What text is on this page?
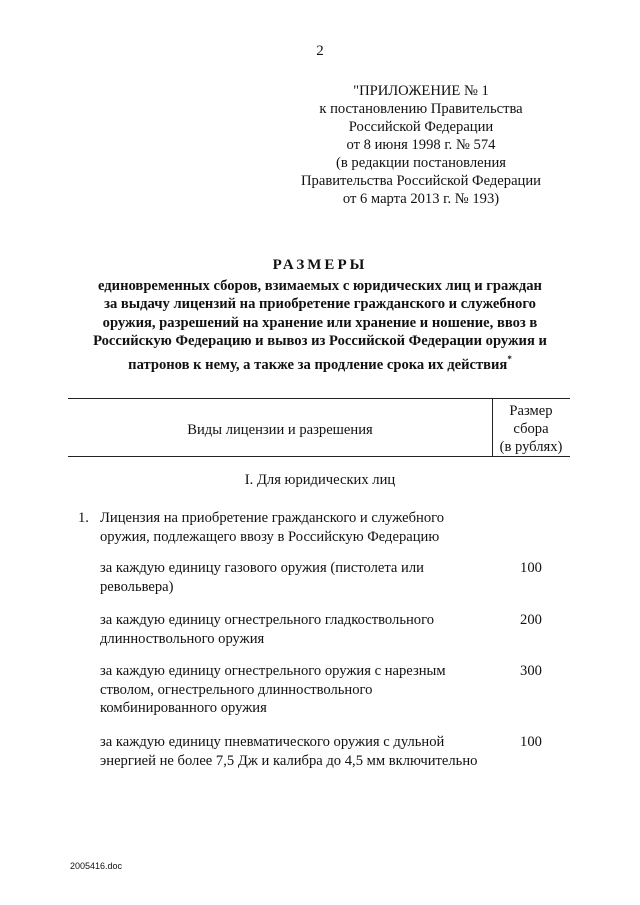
2
"ПРИЛОЖЕНИЕ № 1
к постановлению Правительства
Российской Федерации
от 8 июня 1998 г. № 574
(в редакции постановления
Правительства Российской Федерации
от 6 марта 2013 г. № 193)
РАЗМЕРЫ
единовременных сборов, взимаемых с юридических лиц и граждан
за выдачу лицензий на приобретение гражданского и служебного
оружия, разрешений на хранение или хранение и ношение, ввоз в
Российскую Федерацию и вывоз из Российской Федерации оружия и
патронов к нему, а также за продление срока их действия*
Виды лицензии и разрешения
Размер
сбора
(в рублях)
I. Для юридических лиц
1. Лицензия на приобретение гражданского и служебного оружия, подлежащего ввозу в Российскую Федерацию
за каждую единицу газового оружия (пистолета или револьвера)
100
за каждую единицу огнестрельного гладкоствольного длинноствольного оружия
200
за каждую единицу огнестрельного оружия с нарезным стволом, огнестрельного длинноствольного комбинированного оружия
300
за каждую единицу пневматического оружия с дульной энергией не более 7,5 Дж и калибра до 4,5 мм включительно
100
2005416.doc
